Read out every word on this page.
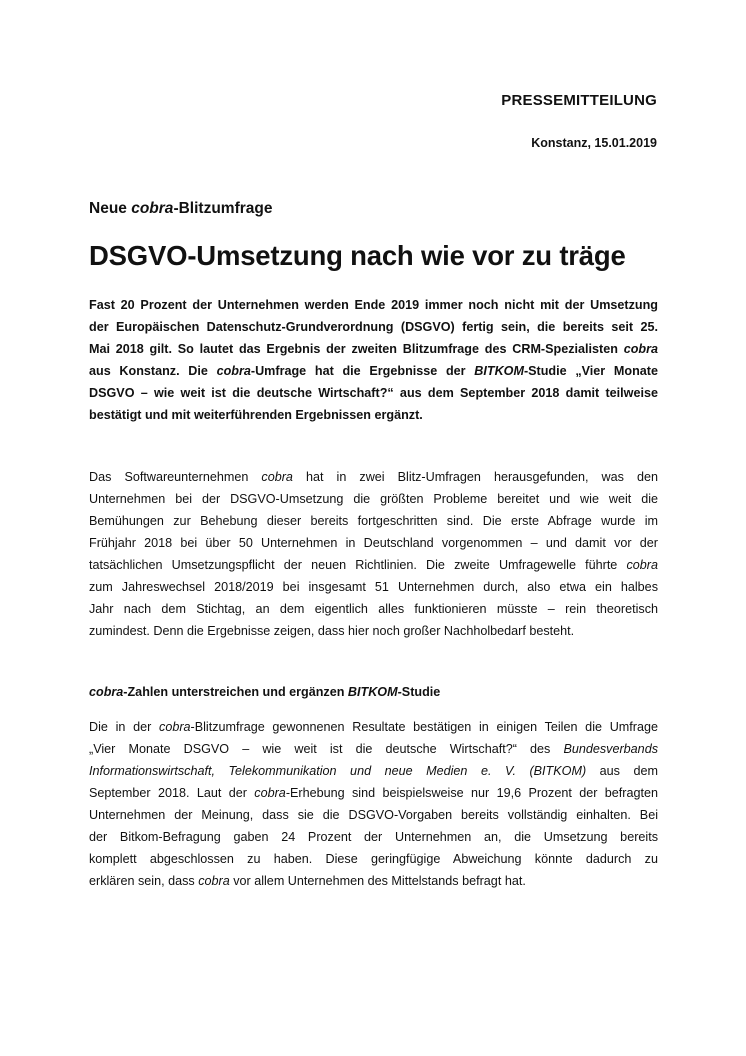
PRESSEMITTEILUNG
Konstanz, 15.01.2019
Neue cobra-Blitzumfrage
DSGVO-Umsetzung nach wie vor zu träge
Fast 20 Prozent der Unternehmen werden Ende 2019 immer noch nicht mit der Umsetzung
der Europäischen Datenschutz-Grundverordnung (DSGVO) fertig sein, die bereits seit 25.
Mai 2018 gilt. So lautet das Ergebnis der zweiten Blitzumfrage des CRM-Spezialisten cobra
aus Konstanz. Die cobra-Umfrage hat die Ergebnisse der BITKOM-Studie „Vier Monate
DSGVO – wie weit ist die deutsche Wirtschaft?“ aus dem September 2018 damit teilweise
bestätigt und mit weiterführenden Ergebnissen ergänzt.
Das Softwareunternehmen cobra hat in zwei Blitz-Umfragen herausgefunden, was den
Unternehmen bei der DSGVO-Umsetzung die größten Probleme bereitet und wie weit die
Bemühungen zur Behebung dieser bereits fortgeschritten sind. Die erste Abfrage wurde im
Frühjahr 2018 bei über 50 Unternehmen in Deutschland vorgenommen – und damit vor der
tatsächlichen Umsetzungspflicht der neuen Richtlinien. Die zweite Umfragewelle führte cobra
zum Jahreswechsel 2018/2019 bei insgesamt 51 Unternehmen durch, also etwa ein halbes
Jahr nach dem Stichtag, an dem eigentlich alles funktionieren müsste – rein theoretisch
zumindest. Denn die Ergebnisse zeigen, dass hier noch großer Nachholbedarf besteht.
cobra-Zahlen unterstreichen und ergänzen BITKOM-Studie
Die in der cobra-Blitzumfrage gewonnenen Resultate bestätigen in einigen Teilen die Umfrage
„Vier Monate DSGVO – wie weit ist die deutsche Wirtschaft?“ des Bundesverbands
Informationswirtschaft, Telekommunikation und neue Medien e. V. (BITKOM) aus dem
September 2018. Laut der cobra-Erhebung sind beispielsweise nur 19,6 Prozent der befragten
Unternehmen der Meinung, dass sie die DSGVO-Vorgaben bereits vollständig einhalten. Bei
der Bitkom-Befragung gaben 24 Prozent der Unternehmen an, die Umsetzung bereits
komplett abgeschlossen zu haben. Diese geringfügige Abweichung könnte dadurch zu
erklären sein, dass cobra vor allem Unternehmen des Mittelstands befragt hat.
